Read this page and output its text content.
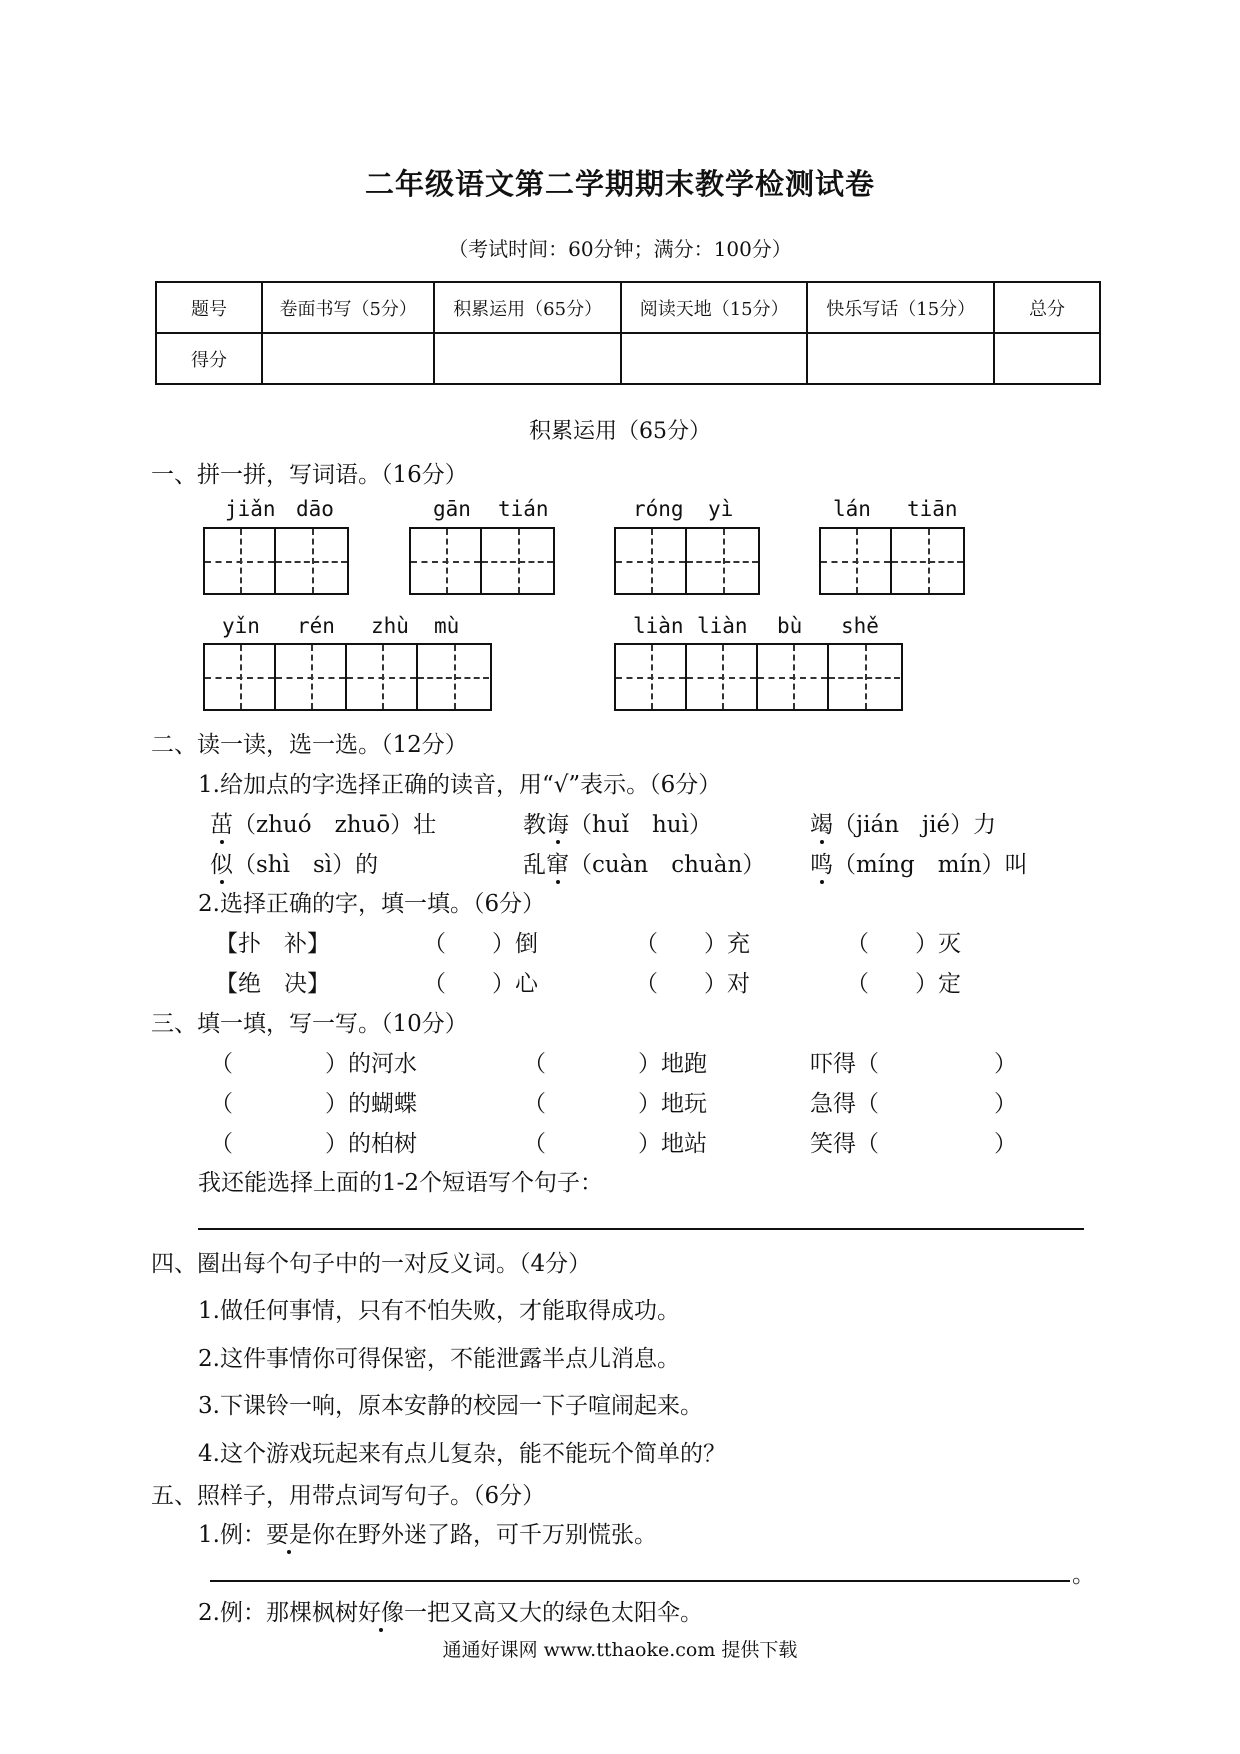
二年级语文第二学期期末教学检测试卷
（考试时间：60分钟；满分：100分）
题号	卷面书写（5分）	积累运用（65分）	阅读天地（15分）	快乐写话（15分）	总分
得分					
积累运用（65分）
一、拼一拼，写词语。（16分）
jiǎn dāo	gān tián	róng yì	lán tiān
yǐn rén zhù mù	liàn liàn bù shě
二、读一读，选一选。（12分）
1.给加点的字选择正确的读音，用“√”表示。（6分）
茁（zhuó　zhuō）壮	教诲（huǐ　huì）	竭（jián　jié）力
似（shì　sì）的	乱窜（cuàn　chuàn） 鸣（míng　mín）叫
2.选择正确的字，填一填。（6分）
【扑　补】	（　　）倒	（　　）充	（　　）灭
【绝　决】	（　　）心	（　　）对	（　　）定
三、填一填，写一写。（10分）
（　　　　）的河水	（　　　　）地跑	吓得（　　　　　）
（　　　　）的蝴蝶	（　　　　）地玩	急得（　　　　　）
（　　　　）的柏树	（　　　　）地站	笑得（　　　　　）
我还能选择上面的1-2个短语写个句子：
四、圈出每个句子中的一对反义词。（4分）
1.做任何事情，只有不怕失败，才能取得成功。
2.这件事情你可得保密，不能泄露半点儿消息。
3.下课铃一响，原本安静的校园一下子喧闹起来。
4.这个游戏玩起来有点儿复杂，能不能玩个简单的？
五、照样子，用带点词写句子。（6分）
1.例：要是你在野外迷了路，可千万别慌张。
。
2.例：那棵枫树好像一把又高又大的绿色太阳伞。
通通好课网 www.tthaoke.com 提供下载
